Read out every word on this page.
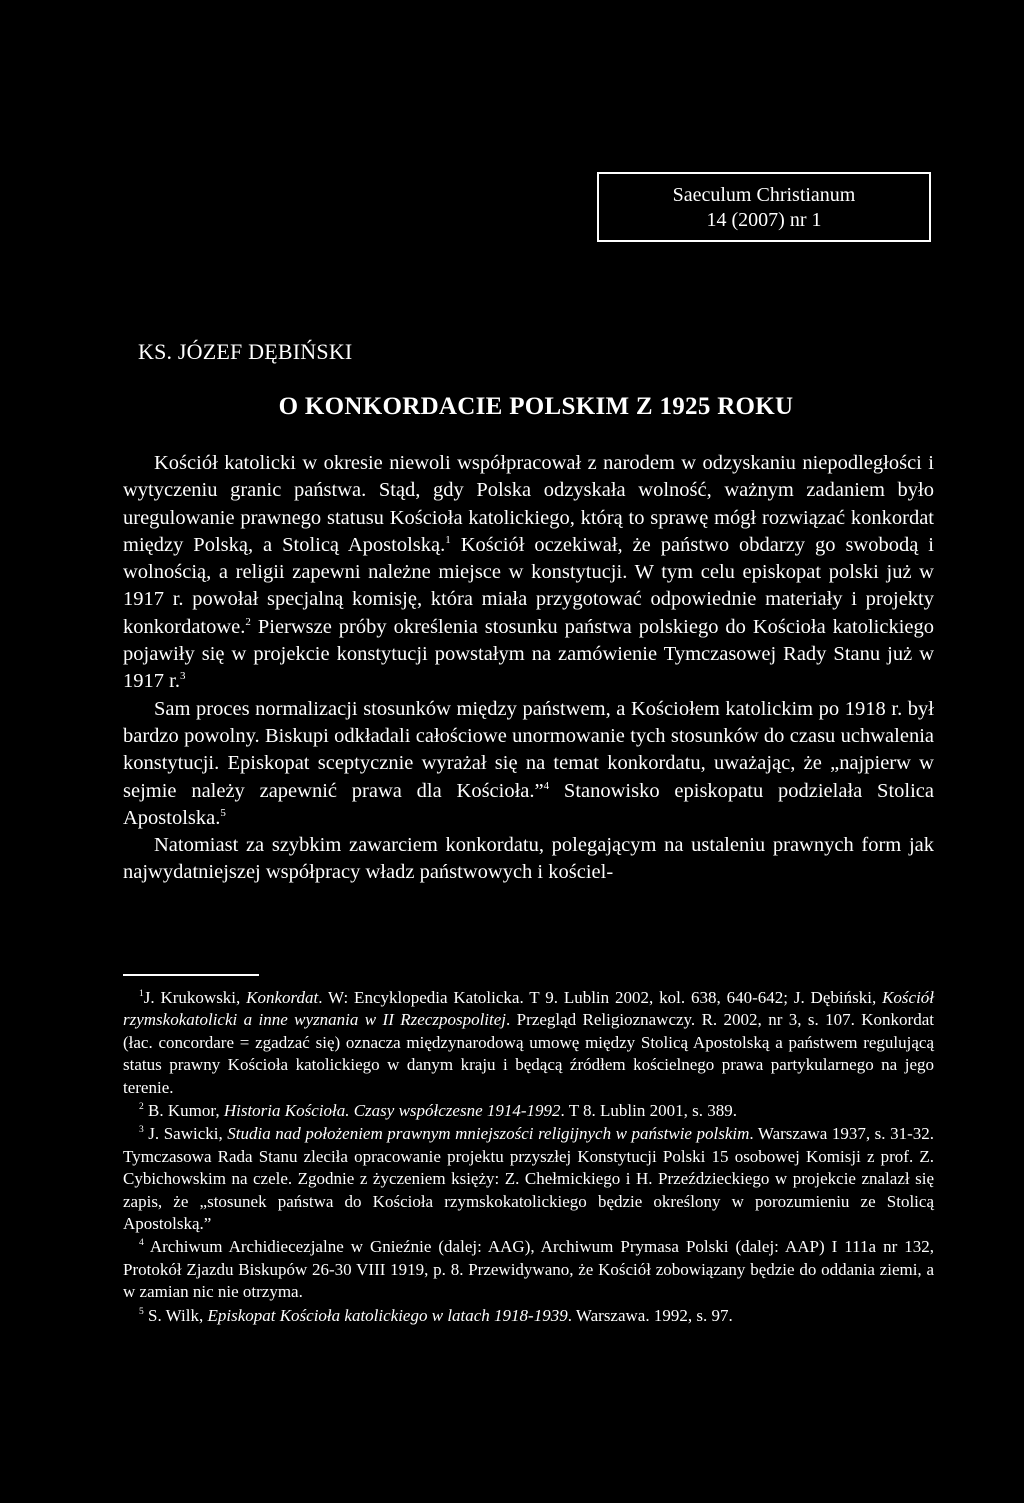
Saeculum Christianum
14 (2007) nr 1
KS. JÓZEF DĘBIŃSKI
O KONKORDACIE POLSKIM Z 1925 ROKU

Kościół katolicki w okresie niewoli współpracował z narodem w odzyskaniu niepodległości i wytyczeniu granic państwa. Stąd, gdy Polska odzyskała wolność, ważnym zadaniem było uregulowanie prawnego statusu Kościoła katolickiego, którą to sprawę mógł rozwiązać konkordat między Polską, a Stolicą Apostolską.$^1$ Kościół oczekiwał, że państwo obdarzy go swobodą i wolnością, a religii zapewni należne miejsce w konstytucji. W tym celu episkopat polski już w 1917 r. powołał specjalną komisję, która miała przygotować odpowiednie materiały i projekty konkordatowe.$^2$ Pierwsze próby określenia stosunku państwa polskiego do Kościoła katolickiego pojawiły się w projekcie konstytucji powstałym na zamówienie Tymczasowej Rady Stanu już w 1917 r.$^3$

Sam proces normalizacji stosunków między państwem, a Kościołem katolickim po 1918 r. był bardzo powolny. Biskupi odkładali całościowe unormowanie tych stosunków do czasu uchwalenia konstytucji. Episkopat sceptycznie wyrażał się na temat konkordatu, uważając, że „najpierw w sejmie należy zapewnić prawa dla Kościoła.”$^4$ Stanowisko episkopatu podzielała Stolica Apostolska.$^5$

Natomiast za szybkim zawarciem konkordatu, polegającym na ustaleniu prawnych form jak najwydatniejszej współpracy władz państwowych i kościel-

$^1$J. Krukowski, Konkordat. W: Encyklopedia Katolicka. T 9. Lublin 2002, kol. 638, 640-642; J. Dębiński, Kościół rzymskokatolicki a inne wyznania w II Rzeczpospolitej. Przegląd Religioznawczy. R. 2002, nr 3, s. 107. Konkordat (łac. concordare = zgadzać się) oznacza międzynarodową umowę między Stolicą Apostolską a państwem regulującą status prawny Kościoła katolickiego w danym kraju i będącą źródłem kościelnego prawa partykularnego na jego terenie.

$^2$ B. Kumor, Historia Kościoła. Czasy współczesne 1914-1992. T 8. Lublin 2001, s. 389.

$^3$ J. Sawicki, Studia nad położeniem prawnym mniejszości religijnych w państwie polskim. Warszawa 1937, s. 31-32. Tymczasowa Rada Stanu zleciła opracowanie projektu przyszłej Konstytucji Polski 15 osobowej Komisji z prof. Z. Cybichowskim na czele. Zgodnie z życzeniem księży: Z. Chełmickiego i H. Przeździeckiego w projekcie znalazł się zapis, że „stosunek państwa do Kościoła rzymskokatolickiego będzie określony w porozumieniu ze Stolicą Apostolską.”

$^4$ Archiwum Archidiecezjalne w Gnieźnie (dalej: AAG), Archiwum Prymasa Polski (dalej: AAP) I 111a nr 132, Protokół Zjazdu Biskupów 26-30 VIII 1919, p. 8. Przewidywano, że Kościół zobowiązany będzie do oddania ziemi, a w zamian nic nie otrzyma.

$^5$ S. Wilk, Episkopat Kościoła katolickiego w latach 1918-1939. Warszawa. 1992, s. 97.
